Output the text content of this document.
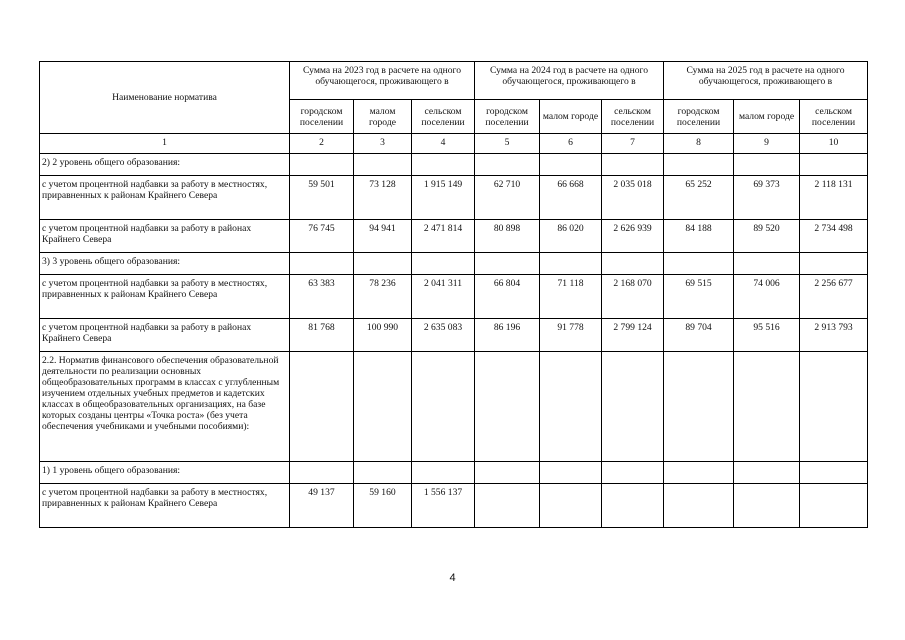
Наименование норматива	Сумма на 2023 год в расчете на одного обучающегося, проживающего в			Сумма на 2024 год в расчете на одного обучающегося, проживающего в			Сумма на 2025 год в расчете на одного обучающегося, проживающего в		
	городском поселении	малом городе	сельском поселении	городском поселении	малом городе	сельском поселении	городском поселении	малом городе	сельском поселении
1	2	3	4	5	6	7	8	9	10
2) 2 уровень общего образования:									
с учетом процентной надбавки за работу в местностях, приравненных к районам Крайнего Севера	59 501	73 128	1 915 149	62 710	66 668	2 035 018	65 252	69 373	2 118 131
с учетом процентной надбавки за работу в районах Крайнего Севера	76 745	94 941	2 471 814	80 898	86 020	2 626 939	84 188	89 520	2 734 498
3) 3 уровень общего образования:									
с учетом процентной надбавки за работу в местностях, приравненных к районам Крайнего Севера	63 383	78 236	2 041 311	66 804	71 118	2 168 070	69 515	74 006	2 256 677
с учетом процентной надбавки за работу в районах Крайнего Севера	81 768	100 990	2 635 083	86 196	91 778	2 799 124	89 704	95 516	2 913 793
2.2. Норматив финансового обеспечения образовательной деятельности по реализации основных общеобразовательных программ в классах с углубленным изучением отдельных учебных предметов и кадетских классах в общеобразовательных организациях, на базе которых созданы центры «Точка роста» (без учета обеспечения учебниками и учебными пособиями):									
1) 1 уровень общего образования:									
с учетом процентной надбавки за работу в местностях, приравненных к районам Крайнего Севера	49 137	59 160	1 556 137						
4
